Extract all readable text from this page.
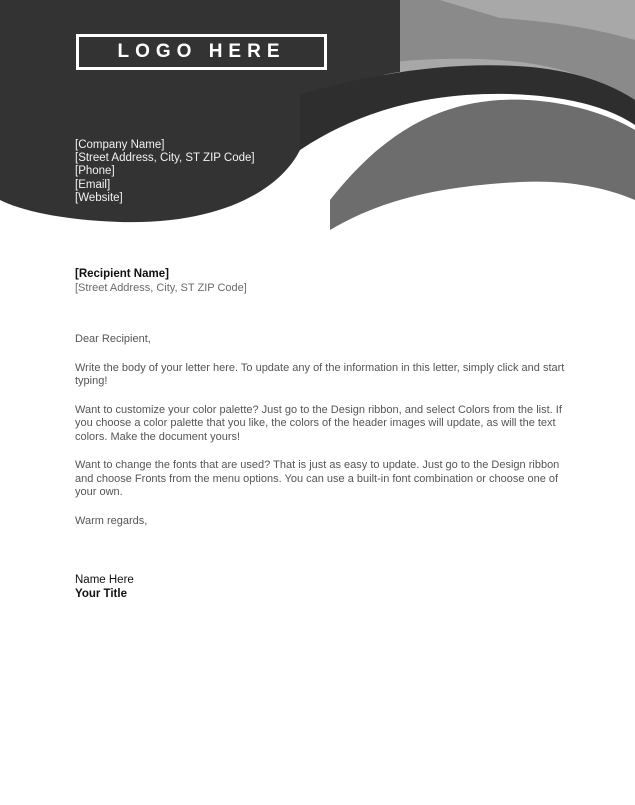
LOGO HERE
[Company Name]
[Street Address, City, ST ZIP Code]
[Phone]
[Email]
[Website]
[Recipient Name]
[Street Address, City, ST ZIP Code]
Dear Recipient,
Write the body of your letter here. To update any of the information in this letter, simply click and start typing!
Want to customize your color palette? Just go to the Design ribbon, and select Colors from the list. If you choose a color palette that you like, the colors of the header images will update, as will the text colors. Make the document yours!
Want to change the fonts that are used? That is just as easy to update. Just go to the Design ribbon and choose Fronts from the menu options. You can use a built-in font combination or choose one of your own.
Warm regards,
Name Here
Your Title
